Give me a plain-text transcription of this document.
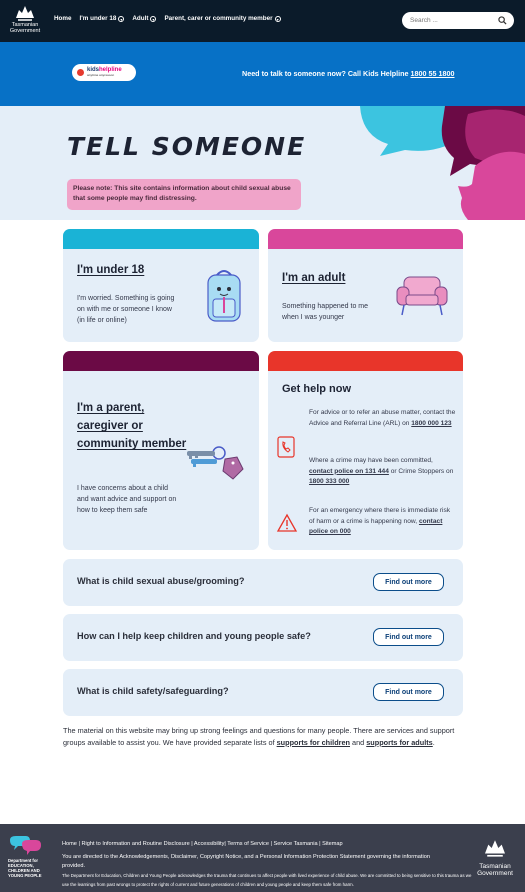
Tasmanian
Government
Home I'm under 18 ▾	Adult ▾	Parent, carer or community member ▾
Search ...
kidshelpline
anytime anyreason	Need to talk to someone now? Call Kids Helpline 1800 55 1800
TELL SOMEONE
Please note: This site contains information about child sexual abuse that some people may find distressing.
I'm under 18

I'm worried. Something is going on with me or someone I know (in life or online)

I'm an adult

Something happened to me when I was younger

I'm a parent, caregiver or community member

I have concerns about a child and want advice and support on how to keep them safe

Get help now
For advice or to refer an abuse matter, contact the Advice and Referral Line (ARL) on 1800 000 123
Where a crime may have been committed, contact police on 131 444 or Crime Stoppers on 1800 333 000
For an emergency where there is immediate risk of harm or a crime is happening now, contact police on 000
What is child sexual abuse/grooming?	Find out more
How can I help keep children and young people safe?	Find out more
What is child safety/safeguarding?	Find out more
The material on this website may bring up strong feelings and questions for many people. There are services and support groups available to assist you. We have provided separate lists of supports for children and supports for adults.
Department for EDUCATION, CHILDREN AND YOUNG PEOPLE
Home | Right to Information and Routine Disclosure | Accessibility| Terms of Service | Service Tasmania | Sitemap
You are directed to the Acknowledgements, Disclaimer, Copyright Notice, and a Personal Information Protection Statement governing the information provided.
The Department for Education, Children and Young People acknowledges the trauma that continues to affect people with lived experience of child abuse. We are committed to being sensitive to this trauma as we use the learnings from past wrongs to protect the rights of current and future generations of children and young people and keep them safe from harm.
Tasmanian
Government
